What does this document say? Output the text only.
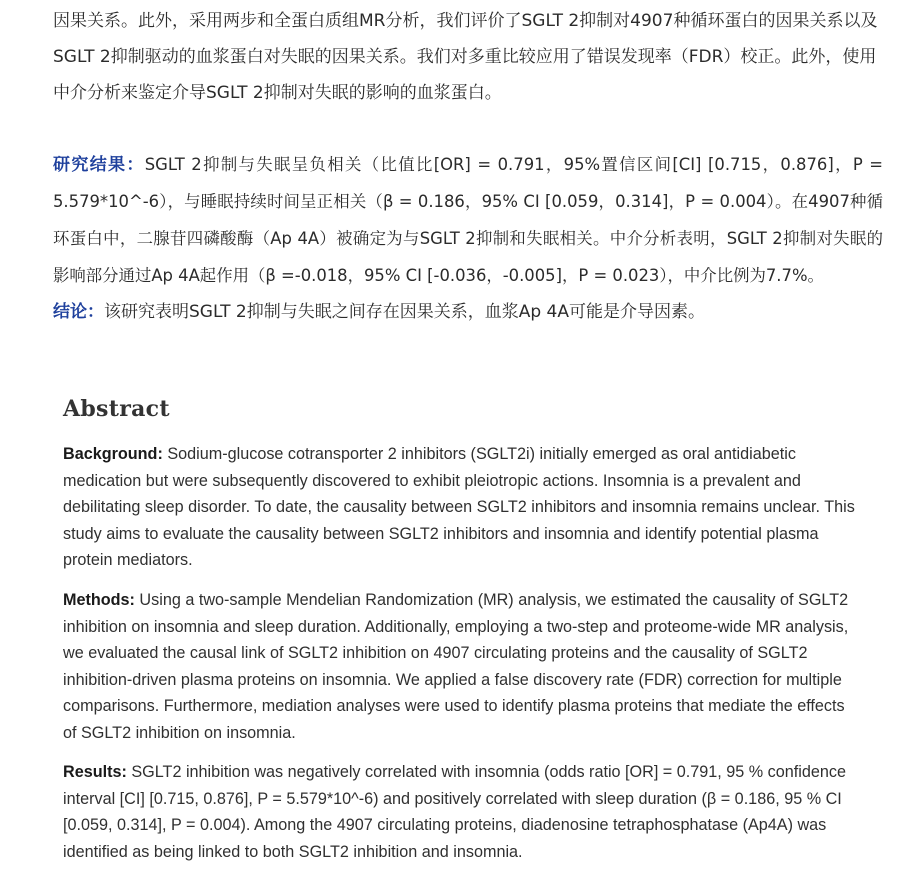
因果关系。此外，采用两步和全蛋白质组MR分析，我们评价了SGLT 2抑制对4907种循环蛋白的因果关系以及SGLT 2抑制驱动的血浆蛋白对失眠的因果关系。我们对多重比较应用了错误发现率（FDR）校正。此外，使用中介分析来鉴定介导SGLT 2抑制对失眠的影响的血浆蛋白。

研究结果：SGLT 2抑制与失眠呈负相关（比值比[OR] = 0.791，95%置信区间[CI] [0.715，0.876]，P = 5.579*10^-6），与睡眠持续时间呈正相关（β = 0.186，95% CI [0.059，0.314]，P = 0.004）。在4907种循环蛋白中，二腺苷四磷酸酶（Ap 4A）被确定为与SGLT 2抑制和失眠相关。中介分析表明，SGLT 2抑制对失眠的影响部分通过Ap 4A起作用（β =-0.018，95% CI [-0.036，-0.005]，P = 0.023），中介比例为7.7%。

结论：该研究表明SGLT 2抑制与失眠之间存在因果关系，血浆Ap 4A可能是介导因素。

Abstract

Background: Sodium-glucose cotransporter 2 inhibitors (SGLT2i) initially emerged as oral antidiabetic medication but were subsequently discovered to exhibit pleiotropic actions. Insomnia is a prevalent and debilitating sleep disorder. To date, the causality between SGLT2 inhibitors and insomnia remains unclear. This study aims to evaluate the causality between SGLT2 inhibitors and insomnia and identify potential plasma protein mediators.

Methods: Using a two-sample Mendelian Randomization (MR) analysis, we estimated the causality of SGLT2 inhibition on insomnia and sleep duration. Additionally, employing a two-step and proteome-wide MR analysis, we evaluated the causal link of SGLT2 inhibition on 4907 circulating proteins and the causality of SGLT2 inhibition-driven plasma proteins on insomnia. We applied a false discovery rate (FDR) correction for multiple comparisons. Furthermore, mediation analyses were used to identify plasma proteins that mediate the effects of SGLT2 inhibition on insomnia.

Results: SGLT2 inhibition was negatively correlated with insomnia (odds ratio [OR] = 0.791, 95 % confidence interval [CI] [0.715, 0.876], P = 5.579*10^-6) and positively correlated with sleep duration (β = 0.186, 95 % CI [0.059, 0.314], P = 0.004). Among the 4907 circulating proteins, diadenosine tetraphosphatase (Ap4A) was identified as being linked to both SGLT2 inhibition and insomnia.
